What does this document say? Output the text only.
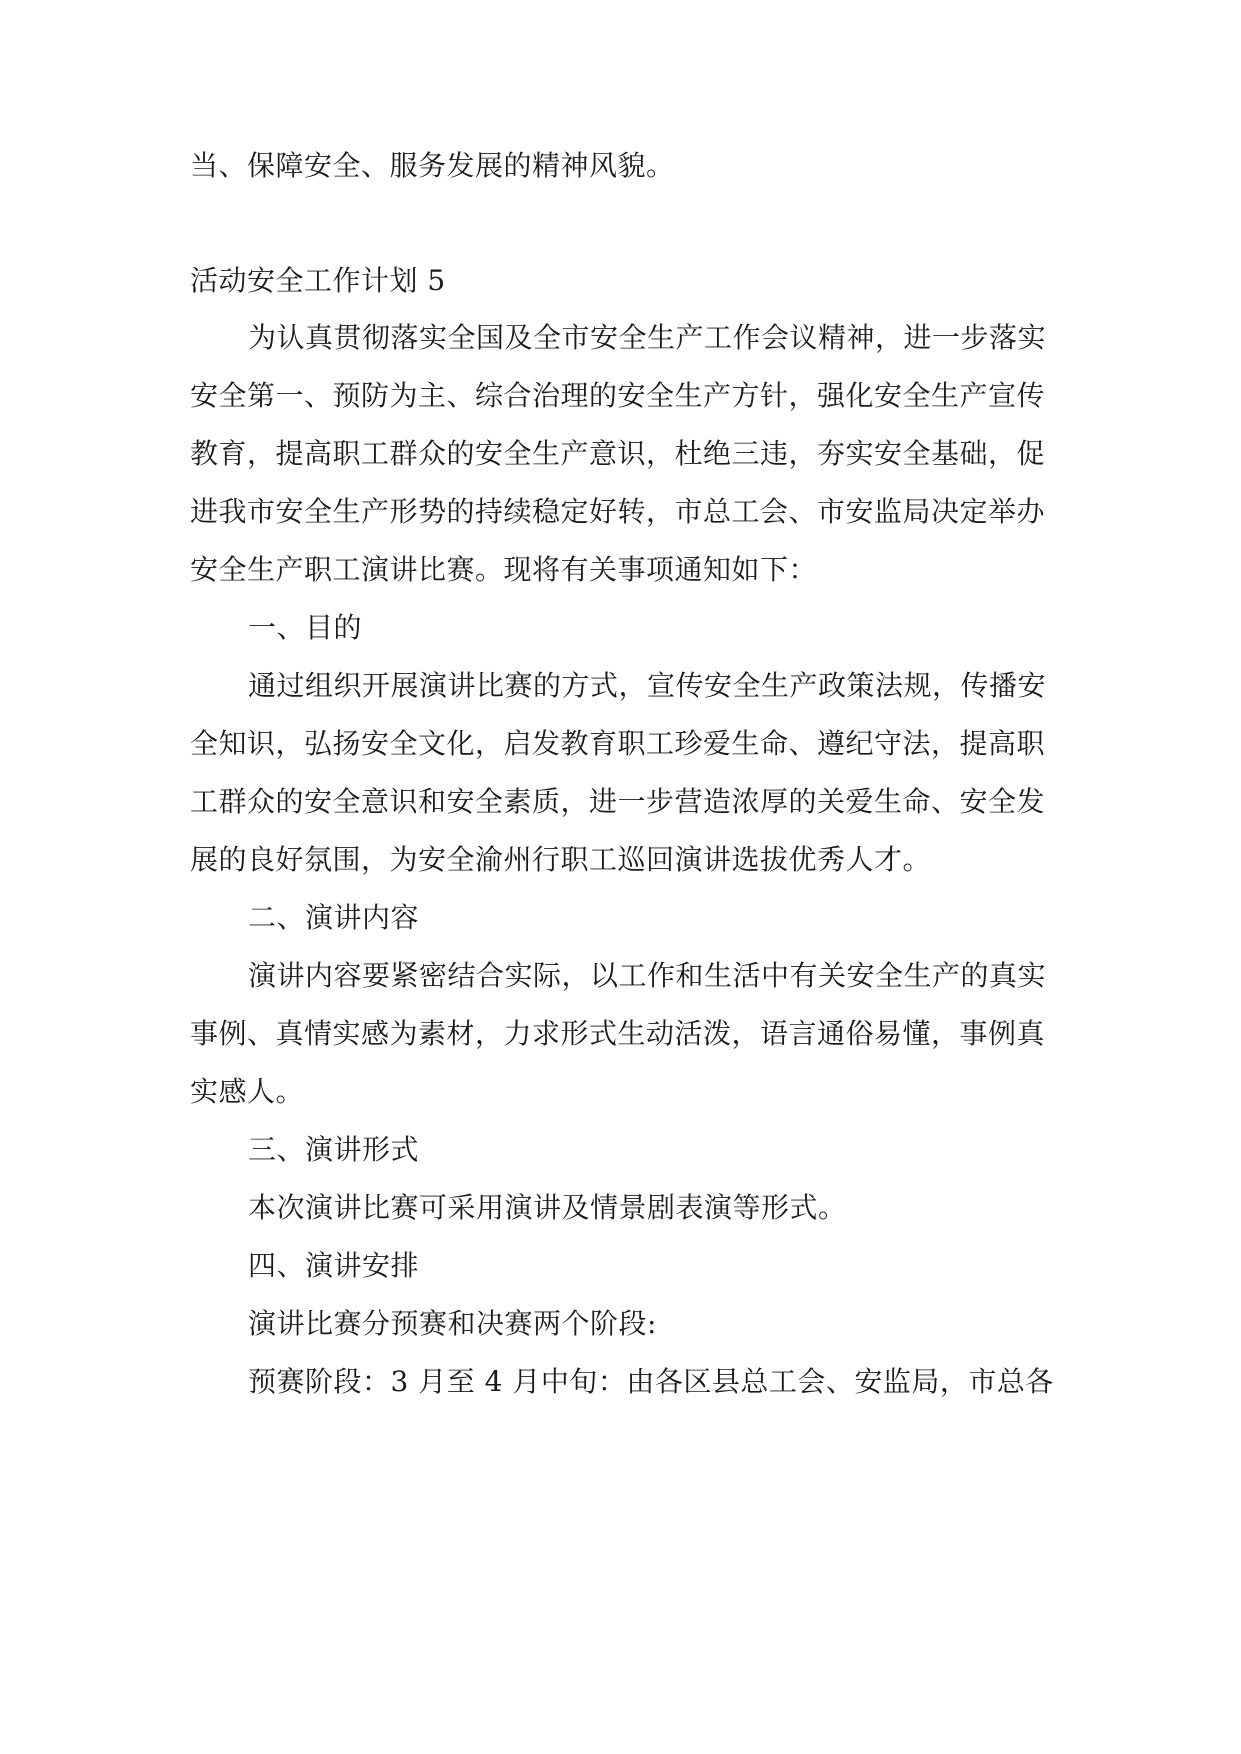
当、保障安全、服务发展的精神风貌。
活动安全工作计划 5
为认真贯彻落实全国及全市安全生产工作会议精神，进一步落实
安全第一、预防为主、综合治理的安全生产方针，强化安全生产宣传
教育，提高职工群众的安全生产意识，杜绝三违，夯实安全基础，促
进我市安全生产形势的持续稳定好转，市总工会、市安监局决定举办
安全生产职工演讲比赛。现将有关事项通知如下：
一、目的
通过组织开展演讲比赛的方式，宣传安全生产政策法规，传播安
全知识，弘扬安全文化，启发教育职工珍爱生命、遵纪守法，提高职
工群众的安全意识和安全素质，进一步营造浓厚的关爱生命、安全发
展的良好氛围，为安全渝州行职工巡回演讲选拔优秀人才。
二、演讲内容
演讲内容要紧密结合实际，以工作和生活中有关安全生产的真实
事例、真情实感为素材，力求形式生动活泼，语言通俗易懂，事例真
实感人。
三、演讲形式
本次演讲比赛可采用演讲及情景剧表演等形式。
四、演讲安排
演讲比赛分预赛和决赛两个阶段:
预赛阶段：3 月至 4 月中旬：由各区县总工会、安监局，市总各
